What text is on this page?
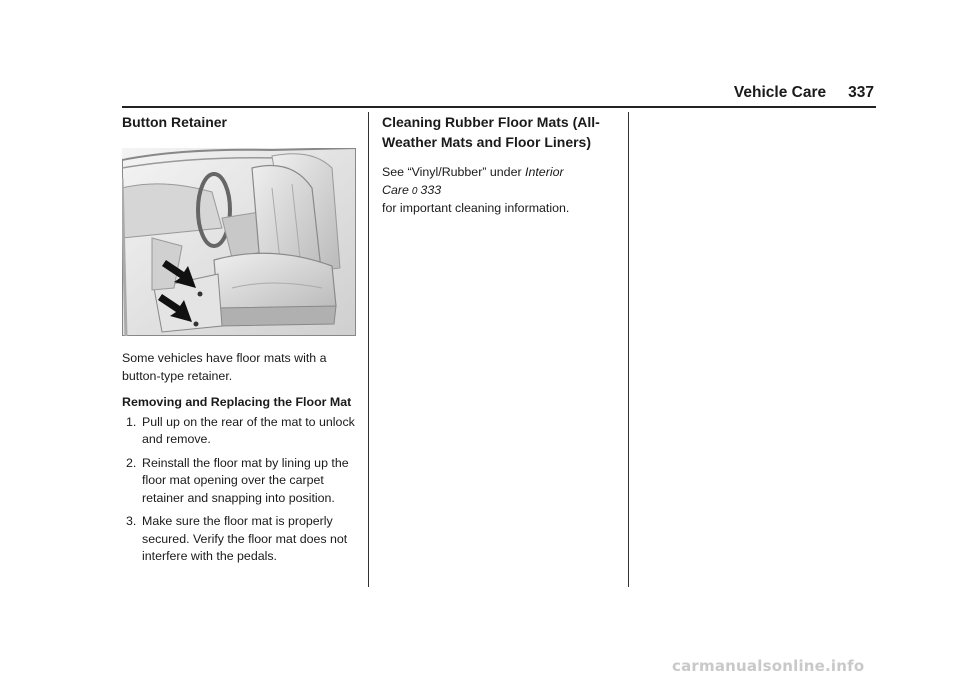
Vehicle Care 337
Button Retainer

Some vehicles have floor mats with a button-type retainer.

Removing and Replacing the Floor Mat

1. Pull up on the rear of the mat to unlock and remove.
2. Reinstall the floor mat by lining up the floor mat opening over the carpet retainer and snapping into position.
3. Make sure the floor mat is properly secured. Verify the floor mat does not interfere with the pedals.
Cleaning Rubber Floor Mats (All-Weather Mats and Floor Liners)

See “Vinyl/Rubber” under Interior Care 0 333
for important cleaning information.

carmanualsonline.info
